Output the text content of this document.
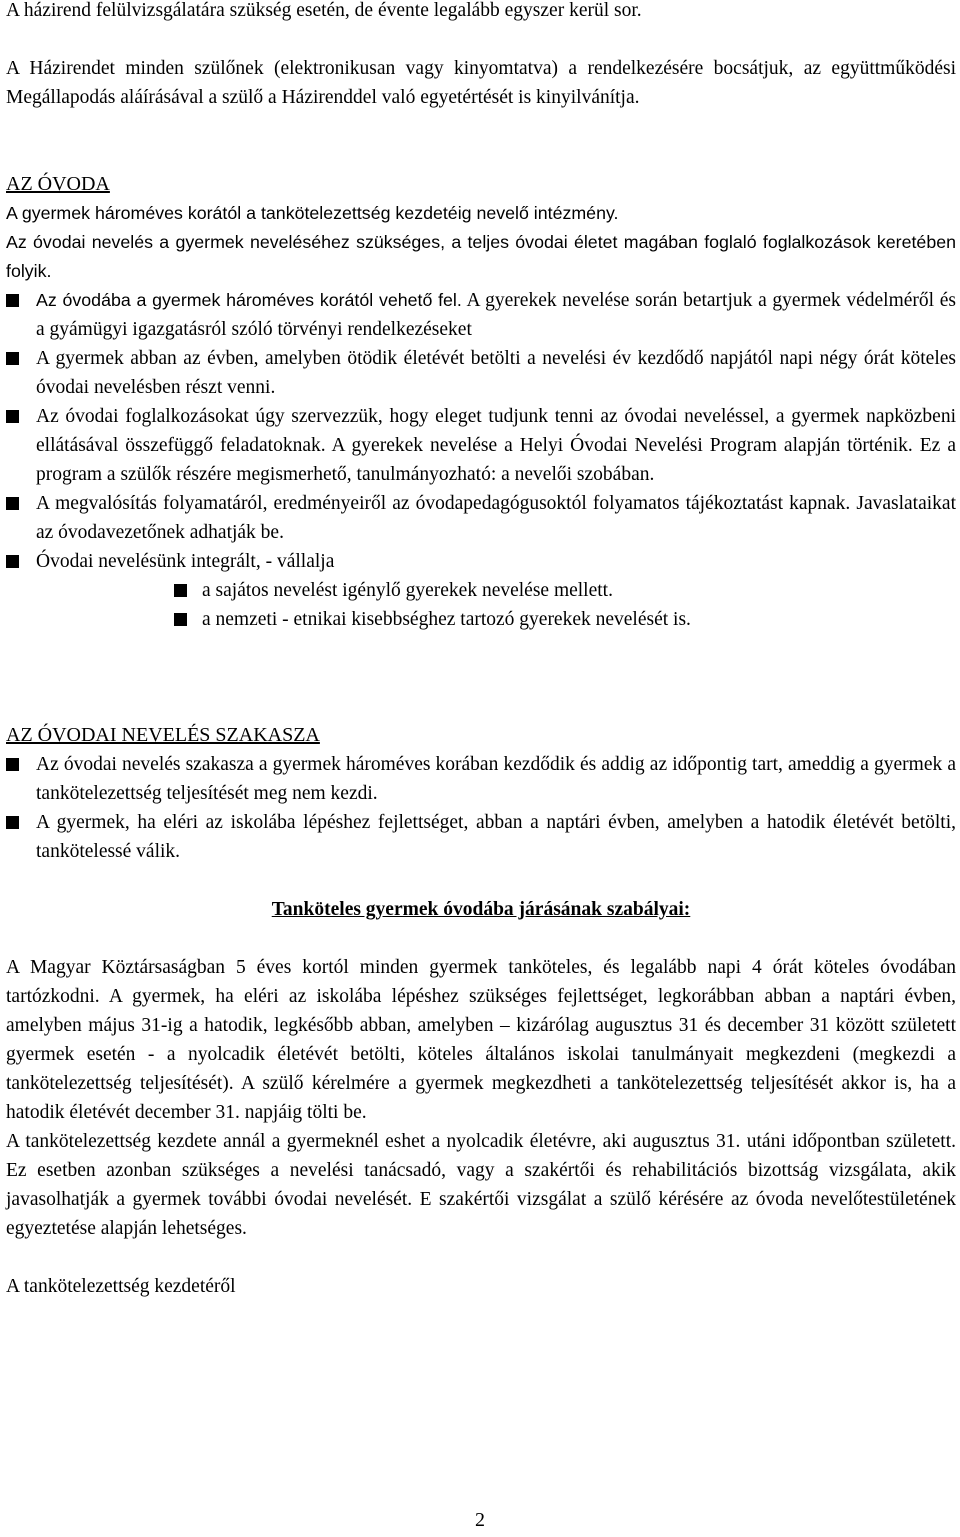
A házirend felülvizsgálatára szükség esetén, de évente legalább egyszer kerül sor.

A Házirendet minden szülőnek (elektronikusan vagy kinyomtatva) a rendelkezésére bocsátjuk, az együttműködési Megállapodás aláírásával a szülő a Házirenddel való egyetértését is kinyilvánítja.

AZ ÓVODA

A gyermek hároméves korától a tankötelezettség kezdetéig nevelő intézmény.

Az óvodai nevelés a gyermek neveléséhez szükséges, a teljes óvodai életet magában foglaló foglalkozások keretében folyik.

Az óvodába a gyermek hároméves korától vehető fel. A gyerekek nevelése során betartjuk a gyermek védelméről és a gyámügyi igazgatásról szóló törvényi rendelkezéseket
A gyermek abban az évben, amelyben ötödik életévét betölti a nevelési év kezdődő napjától napi négy órát köteles óvodai nevelésben részt venni.
Az óvodai foglalkozásokat úgy szervezzük, hogy eleget tudjunk tenni az óvodai neveléssel, a gyermek napközbeni ellátásával összefüggő feladatoknak. A gyerekek nevelése a Helyi Óvodai Nevelési Program alapján történik. Ez a program a szülők részére megismerhető, tanulmányozható: a nevelői szobában.
A megvalósítás folyamatáról, eredményeiről az óvodapedagógusoktól folyamatos tájékoztatást kapnak. Javaslataikat az óvodavezetőnek adhatják be.
Óvodai nevelésünk integrált, - vállalja
a sajátos nevelést igénylő gyerekek nevelése mellett.
a nemzeti - etnikai kisebbséghez tartozó gyerekek nevelését is.

AZ ÓVODAI NEVELÉS SZAKASZA

Az óvodai nevelés szakasza a gyermek hároméves korában kezdődik és addig az időpontig tart, ameddig a gyermek a tankötelezettség teljesítését meg nem kezdi.
A gyermek, ha eléri az iskolába lépéshez fejlettséget, abban a naptári évben, amelyben a hatodik életévét betölti, tankötelessé válik.

Tanköteles gyermek óvodába járásának szabályai:

A Magyar Köztársaságban 5 éves kortól minden gyermek tanköteles, és legalább napi 4 órát köteles óvodában tartózkodni. A gyermek, ha eléri az iskolába lépéshez szükséges fejlettséget, legkorábban abban a naptári évben, amelyben május 31-ig a hatodik, legkésőbb abban, amelyben – kizárólag augusztus 31 és december 31 között született gyermek esetén - a nyolcadik életévét betölti, köteles általános iskolai tanulmányait megkezdeni (megkezdi a tankötelezettség teljesítését). A szülő kérelmére a gyermek megkezdheti a tankötelezettség teljesítését akkor is, ha a hatodik életévét december 31. napjáig tölti be.

A tankötelezettség kezdete annál a gyermeknél eshet a nyolcadik életévre, aki augusztus 31. utáni időpontban született. Ez esetben azonban szükséges a nevelési tanácsadó, vagy a szakértői és rehabilitációs bizottság vizsgálata, akik javasolhatják a gyermek további óvodai nevelését. E szakértői vizsgálat a szülő kérésére az óvoda nevelőtestületének egyeztetése alapján lehetséges.

A tankötelezettség kezdetéről

2
